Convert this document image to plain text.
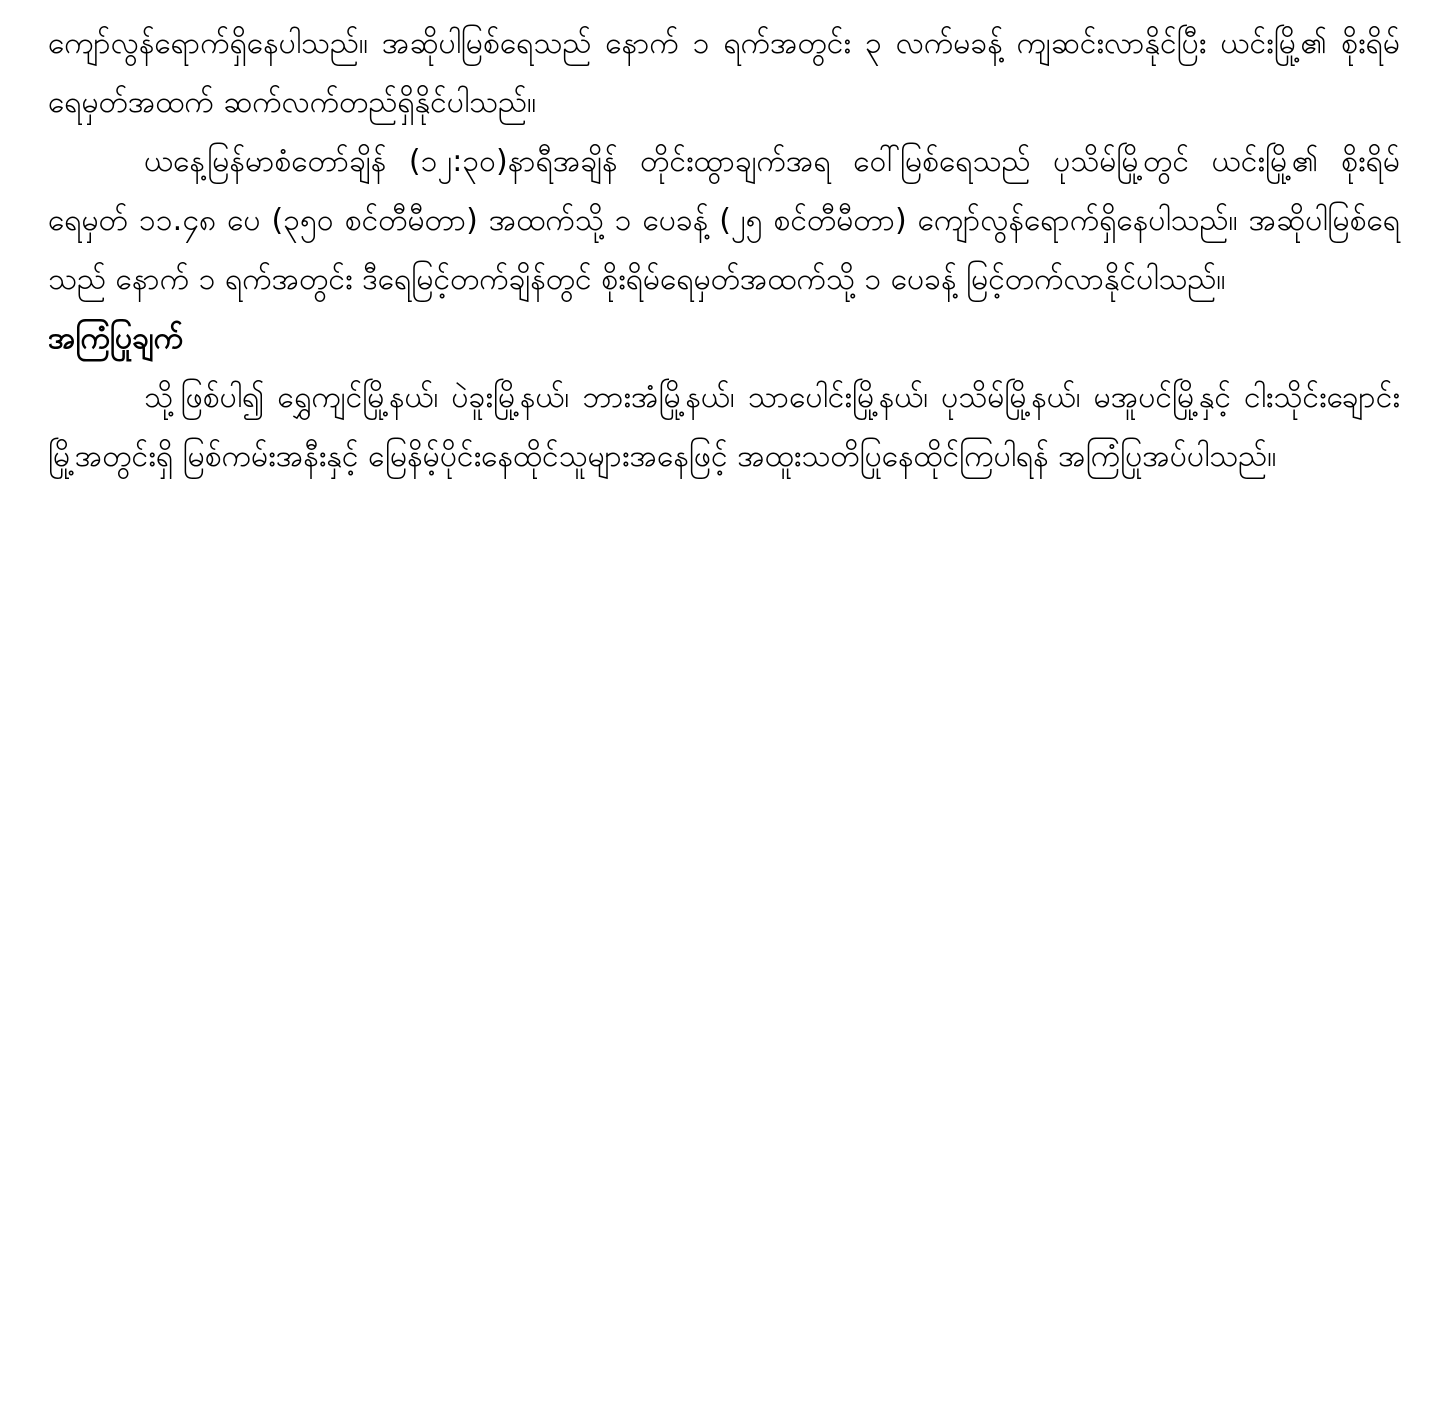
ကျော်လွန်ရောက်ရှိနေပါသည်။ အဆိုပါမြစ်ရေသည် နောက် ၁ ရက်အတွင်း ၃ လက်မခန့် ကျဆင်းလာနိုင်ပြီး ယင်းမြို့၏ စိုးရိမ်ရေမှတ်အထက် ဆက်လက်တည်ရှိနိုင်ပါသည်။

ယနေ့မြန်မာစံတော်ချိန် (၁၂:၃၀)နာရီအချိန် တိုင်းထွာချက်အရ ဝေါ်မြစ်ရေသည် ပုသိမ်မြို့တွင် ယင်းမြို့၏ စိုးရိမ်ရေမှတ် ၁၁.၄၈ ပေ (၃၅၀ စင်တီမီတာ) အထက်သို့ ၁ ပေခန့် (၂၅ စင်တီမီတာ) ကျော်လွန်ရောက်ရှိနေပါသည်။ အဆိုပါမြစ်ရေသည် နောက် ၁ ရက်အတွင်း ဒီရေမြင့်တက်ချိန်တွင် စိုးရိမ်ရေမှတ်အထက်သို့ ၁ ပေခန့် မြင့်တက်လာနိုင်ပါသည်။

အကြံပြုချက်

သို့ဖြစ်ပါ၍ ရွှေကျင်မြို့နယ်၊ ပဲခူးမြို့နယ်၊ ဘားအံမြို့နယ်၊ သာပေါင်းမြို့နယ်၊ ပုသိမ်မြို့နယ်၊ မအူပင်မြို့နှင့် ငါးသိုင်းချောင်းမြို့အတွင်းရှိ မြစ်ကမ်းအနီးနှင့် မြေနိမ့်ပိုင်းနေထိုင်သူများအနေဖြင့် အထူးသတိပြုနေထိုင်ကြပါရန် အကြံပြုအပ်ပါသည်။
